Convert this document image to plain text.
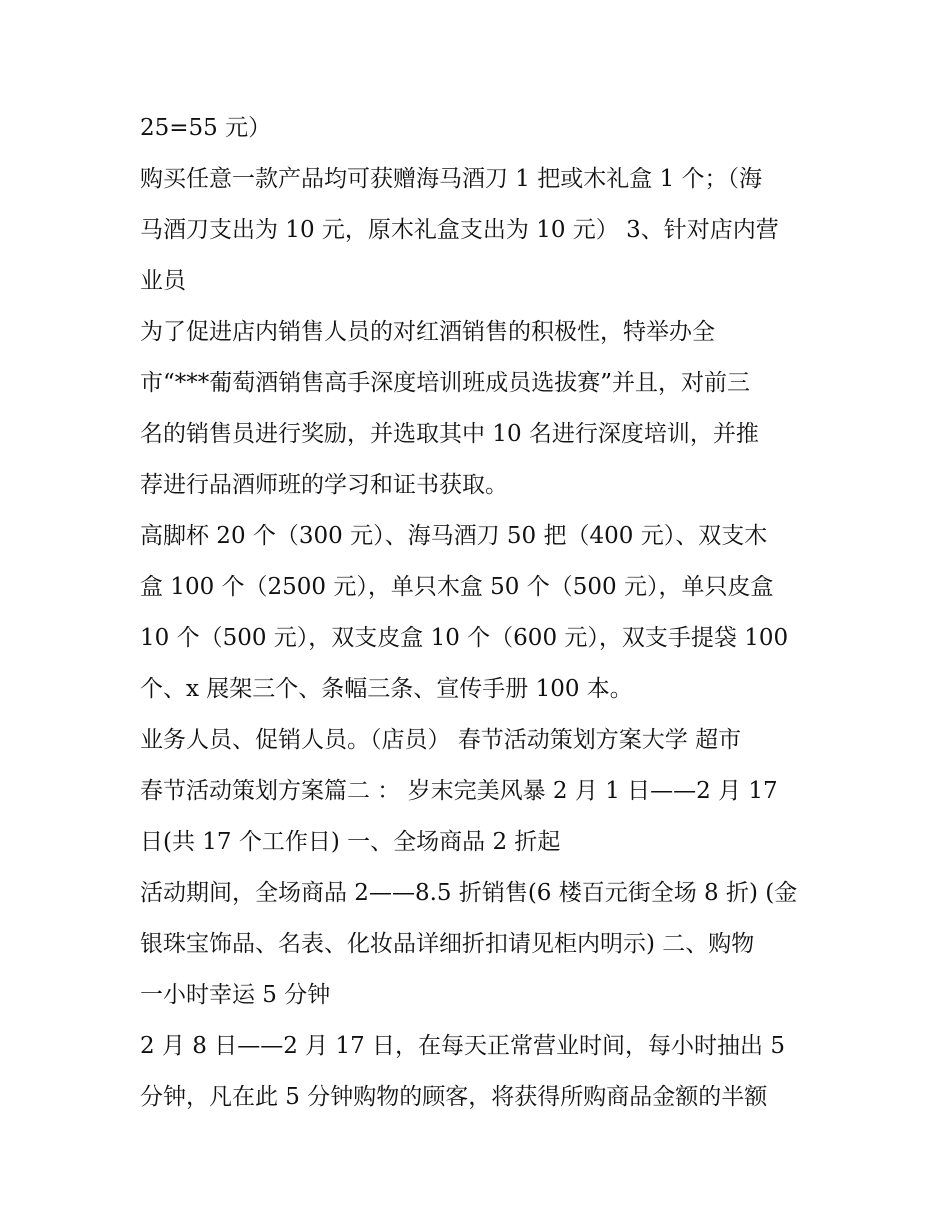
25=55 元）
购买任意一款产品均可获赠海马酒刀 1 把或木礼盒 1 个；（海
马酒刀支出为 10 元，原木礼盒支出为 10 元） 3、针对店内营
业员
为了促进店内销售人员的对红酒销售的积极性，特举办全
市“***葡萄酒销售高手深度培训班成员选拔赛”并且，对前三
名的销售员进行奖励，并选取其中 10 名进行深度培训，并推
荐进行品酒师班的学习和证书获取。
高脚杯 20 个（300 元）、海马酒刀 50 把（400 元）、双支木
盒 100 个（2500 元），单只木盒 50 个（500 元），单只皮盒
10 个（500 元），双支皮盒 10 个（600 元），双支手提袋 100
个、x 展架三个、条幅三条、宣传手册 100 本。
业务人员、促销人员。（店员） 春节活动策划方案大学 超市
春节活动策划方案篇二 ： 岁末完美风暴 2 月 1 日——2 月 17
日(共 17 个工作日) 一、全场商品 2 折起
活动期间，全场商品 2——8.5 折销售(6 楼百元街全场 8 折) (金
银珠宝饰品、名表、化妆品详细折扣请见柜内明示) 二、购物
一小时幸运 5 分钟
2 月 8 日——2 月 17 日，在每天正常营业时间，每小时抽出 5
分钟，凡在此 5 分钟购物的顾客，将获得所购商品金额的半额
